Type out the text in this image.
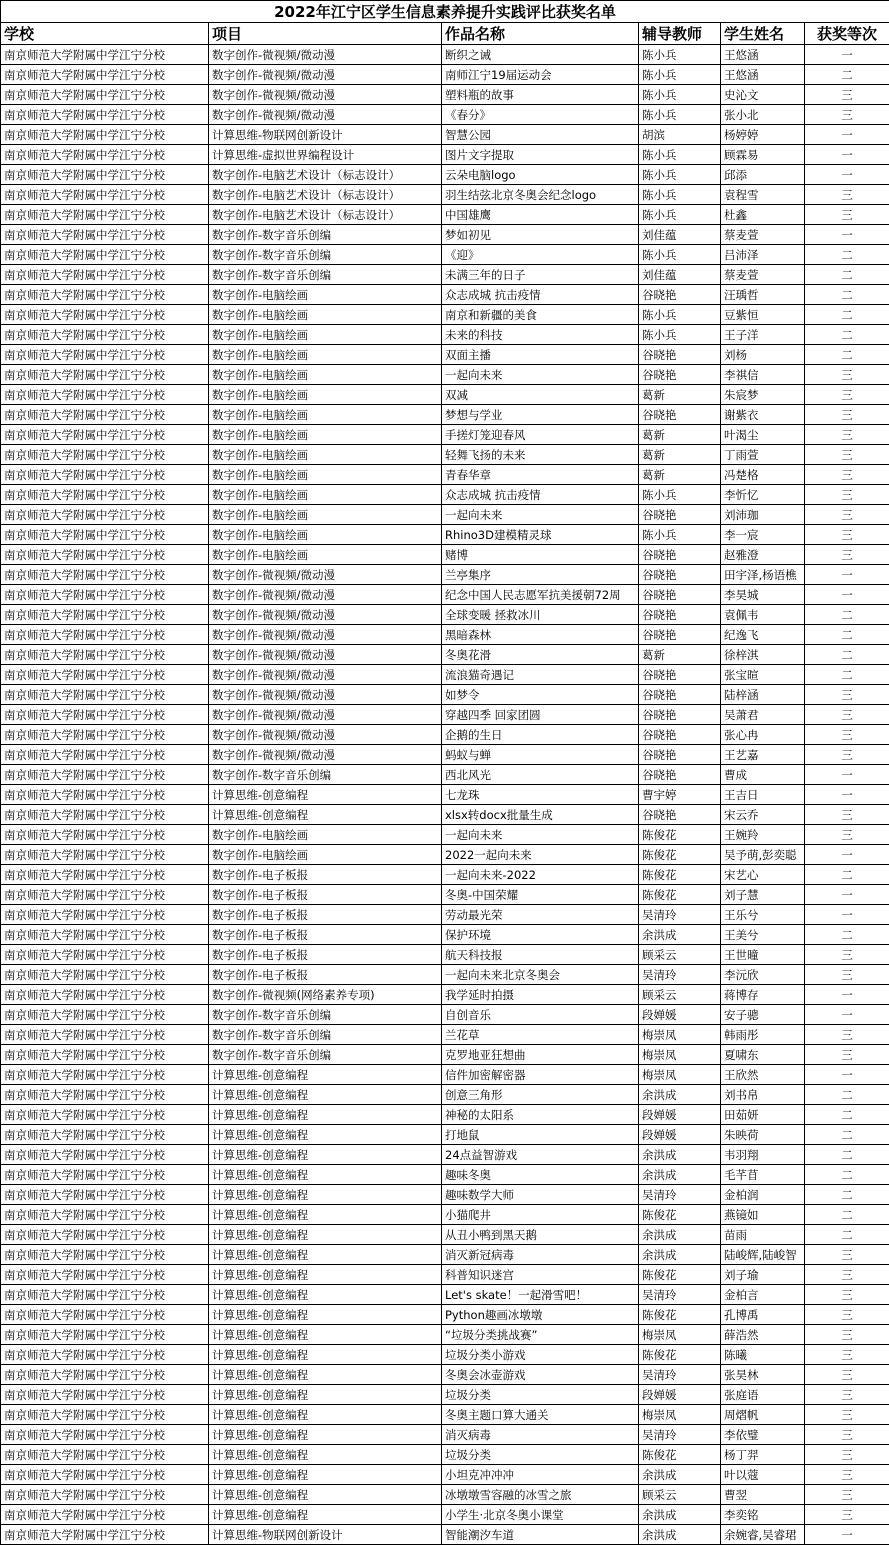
2022年江宁区学生信息素养提升实践评比获奖名单					
学校	项目	作品名称	辅导教师	学生姓名	获奖等次
南京师范大学附属中学江宁分校	数字创作-微视频/微动漫	断织之诫	陈小兵	王悠涵	一
南京师范大学附属中学江宁分校	数字创作-微视频/微动漫	南师江宁19届运动会	陈小兵	王悠涵	二
南京师范大学附属中学江宁分校	数字创作-微视频/微动漫	塑料瓶的故事	陈小兵	史沁文	三
南京师范大学附属中学江宁分校	数字创作-微视频/微动漫	《春分》	陈小兵	张小北	三
南京师范大学附属中学江宁分校	计算思维-物联网创新设计	智慧公园	胡滨	杨婷婷	一
南京师范大学附属中学江宁分校	计算思维-虚拟世界编程设计	图片文字提取	陈小兵	顾霖易	一
南京师范大学附属中学江宁分校	数字创作-电脑艺术设计（标志设计）	云朵电脑logo	陈小兵	邱添	一
南京师范大学附属中学江宁分校	数字创作-电脑艺术设计（标志设计）	羽生结弦北京冬奥会纪念logo	陈小兵	袁程雪	三
南京师范大学附属中学江宁分校	数字创作-电脑艺术设计（标志设计）	中国雄鹰	陈小兵	杜鑫	三
南京师范大学附属中学江宁分校	数字创作-数字音乐创编	梦如初见	刘佳蕴	蔡麦萱	一
南京师范大学附属中学江宁分校	数字创作-数字音乐创编	《迎》	陈小兵	吕沛泽	二
南京师范大学附属中学江宁分校	数字创作-数字音乐创编	未满三年的日子	刘佳蕴	蔡麦萱	二
南京师范大学附属中学江宁分校	数字创作-电脑绘画	众志成城 抗击疫情	谷晓艳	汪瑀哲	二
南京师范大学附属中学江宁分校	数字创作-电脑绘画	南京和新疆的美食	陈小兵	豆紫恒	二
南京师范大学附属中学江宁分校	数字创作-电脑绘画	未来的科技	陈小兵	王子洋	二
南京师范大学附属中学江宁分校	数字创作-电脑绘画	双面主播	谷晓艳	刘杨	二
南京师范大学附属中学江宁分校	数字创作-电脑绘画	一起向未来	谷晓艳	李祺信	三
南京师范大学附属中学江宁分校	数字创作-电脑绘画	双减	葛新	朱宸梦	三
南京师范大学附属中学江宁分校	数字创作-电脑绘画	梦想与学业	谷晓艳	谢紫衣	三
南京师范大学附属中学江宁分校	数字创作-电脑绘画	手搓灯笼迎春风	葛新	叶渴尘	三
南京师范大学附属中学江宁分校	数字创作-电脑绘画	轻舞飞扬的未来	葛新	丁雨萱	三
南京师范大学附属中学江宁分校	数字创作-电脑绘画	青春华章	葛新	冯楚格	三
南京师范大学附属中学江宁分校	数字创作-电脑绘画	众志成城 抗击疫情	陈小兵	李忻忆	三
南京师范大学附属中学江宁分校	数字创作-电脑绘画	一起向未来	谷晓艳	刘沛珈	三
南京师范大学附属中学江宁分校	数字创作-电脑绘画	Rhino3D建模精灵球	陈小兵	李一宸	三
南京师范大学附属中学江宁分校	数字创作-电脑绘画	赌博	谷晓艳	赵雅澄	三
南京师范大学附属中学江宁分校	数字创作-微视频/微动漫	兰亭集序	谷晓艳	田宇泽,杨语樵	一
南京师范大学附属中学江宁分校	数字创作-微视频/微动漫	纪念中国人民志愿军抗美援朝72周	谷晓艳	李昊城	一
南京师范大学附属中学江宁分校	数字创作-微视频/微动漫	全球变暖 拯救冰川	谷晓艳	袁佩韦	二
南京师范大学附属中学江宁分校	数字创作-微视频/微动漫	黑暗森林	谷晓艳	纪逸飞	二
南京师范大学附属中学江宁分校	数字创作-微视频/微动漫	冬奥花滑	葛新	徐梓淇	二
南京师范大学附属中学江宁分校	数字创作-微视频/微动漫	流浪猫奇遇记	谷晓艳	张宝暄	二
南京师范大学附属中学江宁分校	数字创作-微视频/微动漫	如梦令	谷晓艳	陆梓涵	三
南京师范大学附属中学江宁分校	数字创作-微视频/微动漫	穿越四季 回家团圆	谷晓艳	吴萧君	三
南京师范大学附属中学江宁分校	数字创作-微视频/微动漫	企鹅的生日	谷晓艳	张心冉	三
南京师范大学附属中学江宁分校	数字创作-微视频/微动漫	蚂蚁与蝉	谷晓艳	王艺嘉	三
南京师范大学附属中学江宁分校	数字创作-数字音乐创编	西北风光	谷晓艳	曹成	一
南京师范大学附属中学江宁分校	计算思维-创意编程	七龙珠	曹宇婷	王吉日	一
南京师范大学附属中学江宁分校	计算思维-创意编程	xlsx转docx批量生成	谷晓艳	宋云乔	三
南京师范大学附属中学江宁分校	数字创作-电脑绘画	一起向未来	陈俊花	王婉羚	三
南京师范大学附属中学江宁分校	数字创作-电脑绘画	2022一起向未来	陈俊花	吴予萌,彭奕聪	一
南京师范大学附属中学江宁分校	数字创作-电子板报	一起向未来-2022	陈俊花	宋艺心	二
南京师范大学附属中学江宁分校	数字创作-电子板报	冬奥-中国荣耀	陈俊花	刘子慧	一
南京师范大学附属中学江宁分校	数字创作-电子板报	劳动最光荣	吴清玲	王乐兮	一
南京师范大学附属中学江宁分校	数字创作-电子板报	保护环境	余洪成	王美兮	二
南京师范大学附属中学江宁分校	数字创作-电子板报	航天科技报	顾采云	王世曈	三
南京师范大学附属中学江宁分校	数字创作-电子板报	一起向未来北京冬奥会	吴清玲	李沅欣	三
南京师范大学附属中学江宁分校	数字创作-微视频(网络素养专项)	我学延时拍摄	顾采云	蒋博存	一
南京师范大学附属中学江宁分校	数字创作-数字音乐创编	自创音乐	段婵媛	安子骢	一
南京师范大学附属中学江宁分校	数字创作-数字音乐创编	兰花草	梅崇凤	韩雨彤	三
南京师范大学附属中学江宁分校	数字创作-数字音乐创编	克罗地亚狂想曲	梅崇凤	夏啸东	三
南京师范大学附属中学江宁分校	计算思维-创意编程	信件加密解密器	梅崇凤	王欣然	一
南京师范大学附属中学江宁分校	计算思维-创意编程	创意三角形	余洪成	刘书帛	二
南京师范大学附属中学江宁分校	计算思维-创意编程	神秘的太阳系	段婵媛	田茹妍	二
南京师范大学附属中学江宁分校	计算思维-创意编程	打地鼠	段婵媛	朱映荷	二
南京师范大学附属中学江宁分校	计算思维-创意编程	24点益智游戏	余洪成	韦羽翔	二
南京师范大学附属中学江宁分校	计算思维-创意编程	趣味冬奥	余洪成	毛芊苜	二
南京师范大学附属中学江宁分校	计算思维-创意编程	趣味数学大师	吴清玲	金柏润	二
南京师范大学附属中学江宁分校	计算思维-创意编程	小猫爬井	陈俊花	燕镜如	二
南京师范大学附属中学江宁分校	计算思维-创意编程	从丑小鸭到黑天鹅	余洪成	苗雨	二
南京师范大学附属中学江宁分校	计算思维-创意编程	消灭新冠病毒	余洪成	陆峻辉,陆峻智	三
南京师范大学附属中学江宁分校	计算思维-创意编程	科普知识迷宫	陈俊花	刘子瑜	三
南京师范大学附属中学江宁分校	计算思维-创意编程	Let's skate！一起滑雪吧！	吴清玲	金柏言	三
南京师范大学附属中学江宁分校	计算思维-创意编程	Python趣画冰墩墩	陈俊花	孔博禹	三
南京师范大学附属中学江宁分校	计算思维-创意编程	“垃圾分类挑战赛”	梅崇凤	薛浩然	三
南京师范大学附属中学江宁分校	计算思维-创意编程	垃圾分类小游戏	陈俊花	陈曦	三
南京师范大学附属中学江宁分校	计算思维-创意编程	冬奥会冰壶游戏	吴清玲	张昊林	三
南京师范大学附属中学江宁分校	计算思维-创意编程	垃圾分类	段婵媛	张庭语	三
南京师范大学附属中学江宁分校	计算思维-创意编程	冬奥主题口算大通关	梅崇凤	周熠帆	三
南京师范大学附属中学江宁分校	计算思维-创意编程	消灭病毒	吴清玲	李依璧	三
南京师范大学附属中学江宁分校	计算思维-创意编程	垃圾分类	陈俊花	杨丁羿	三
南京师范大学附属中学江宁分校	计算思维-创意编程	小坦克冲冲冲	余洪成	叶以蔻	三
南京师范大学附属中学江宁分校	计算思维-创意编程	冰墩墩雪容融的冰雪之旅	顾采云	曹翌	三
南京师范大学附属中学江宁分校	计算思维-创意编程	小学生·北京冬奥小课堂	余洪成	李奕铭	三
南京师范大学附属中学江宁分校	计算思维-物联网创新设计	智能潮汐车道	余洪成	余婉睿,吴睿珺	一
